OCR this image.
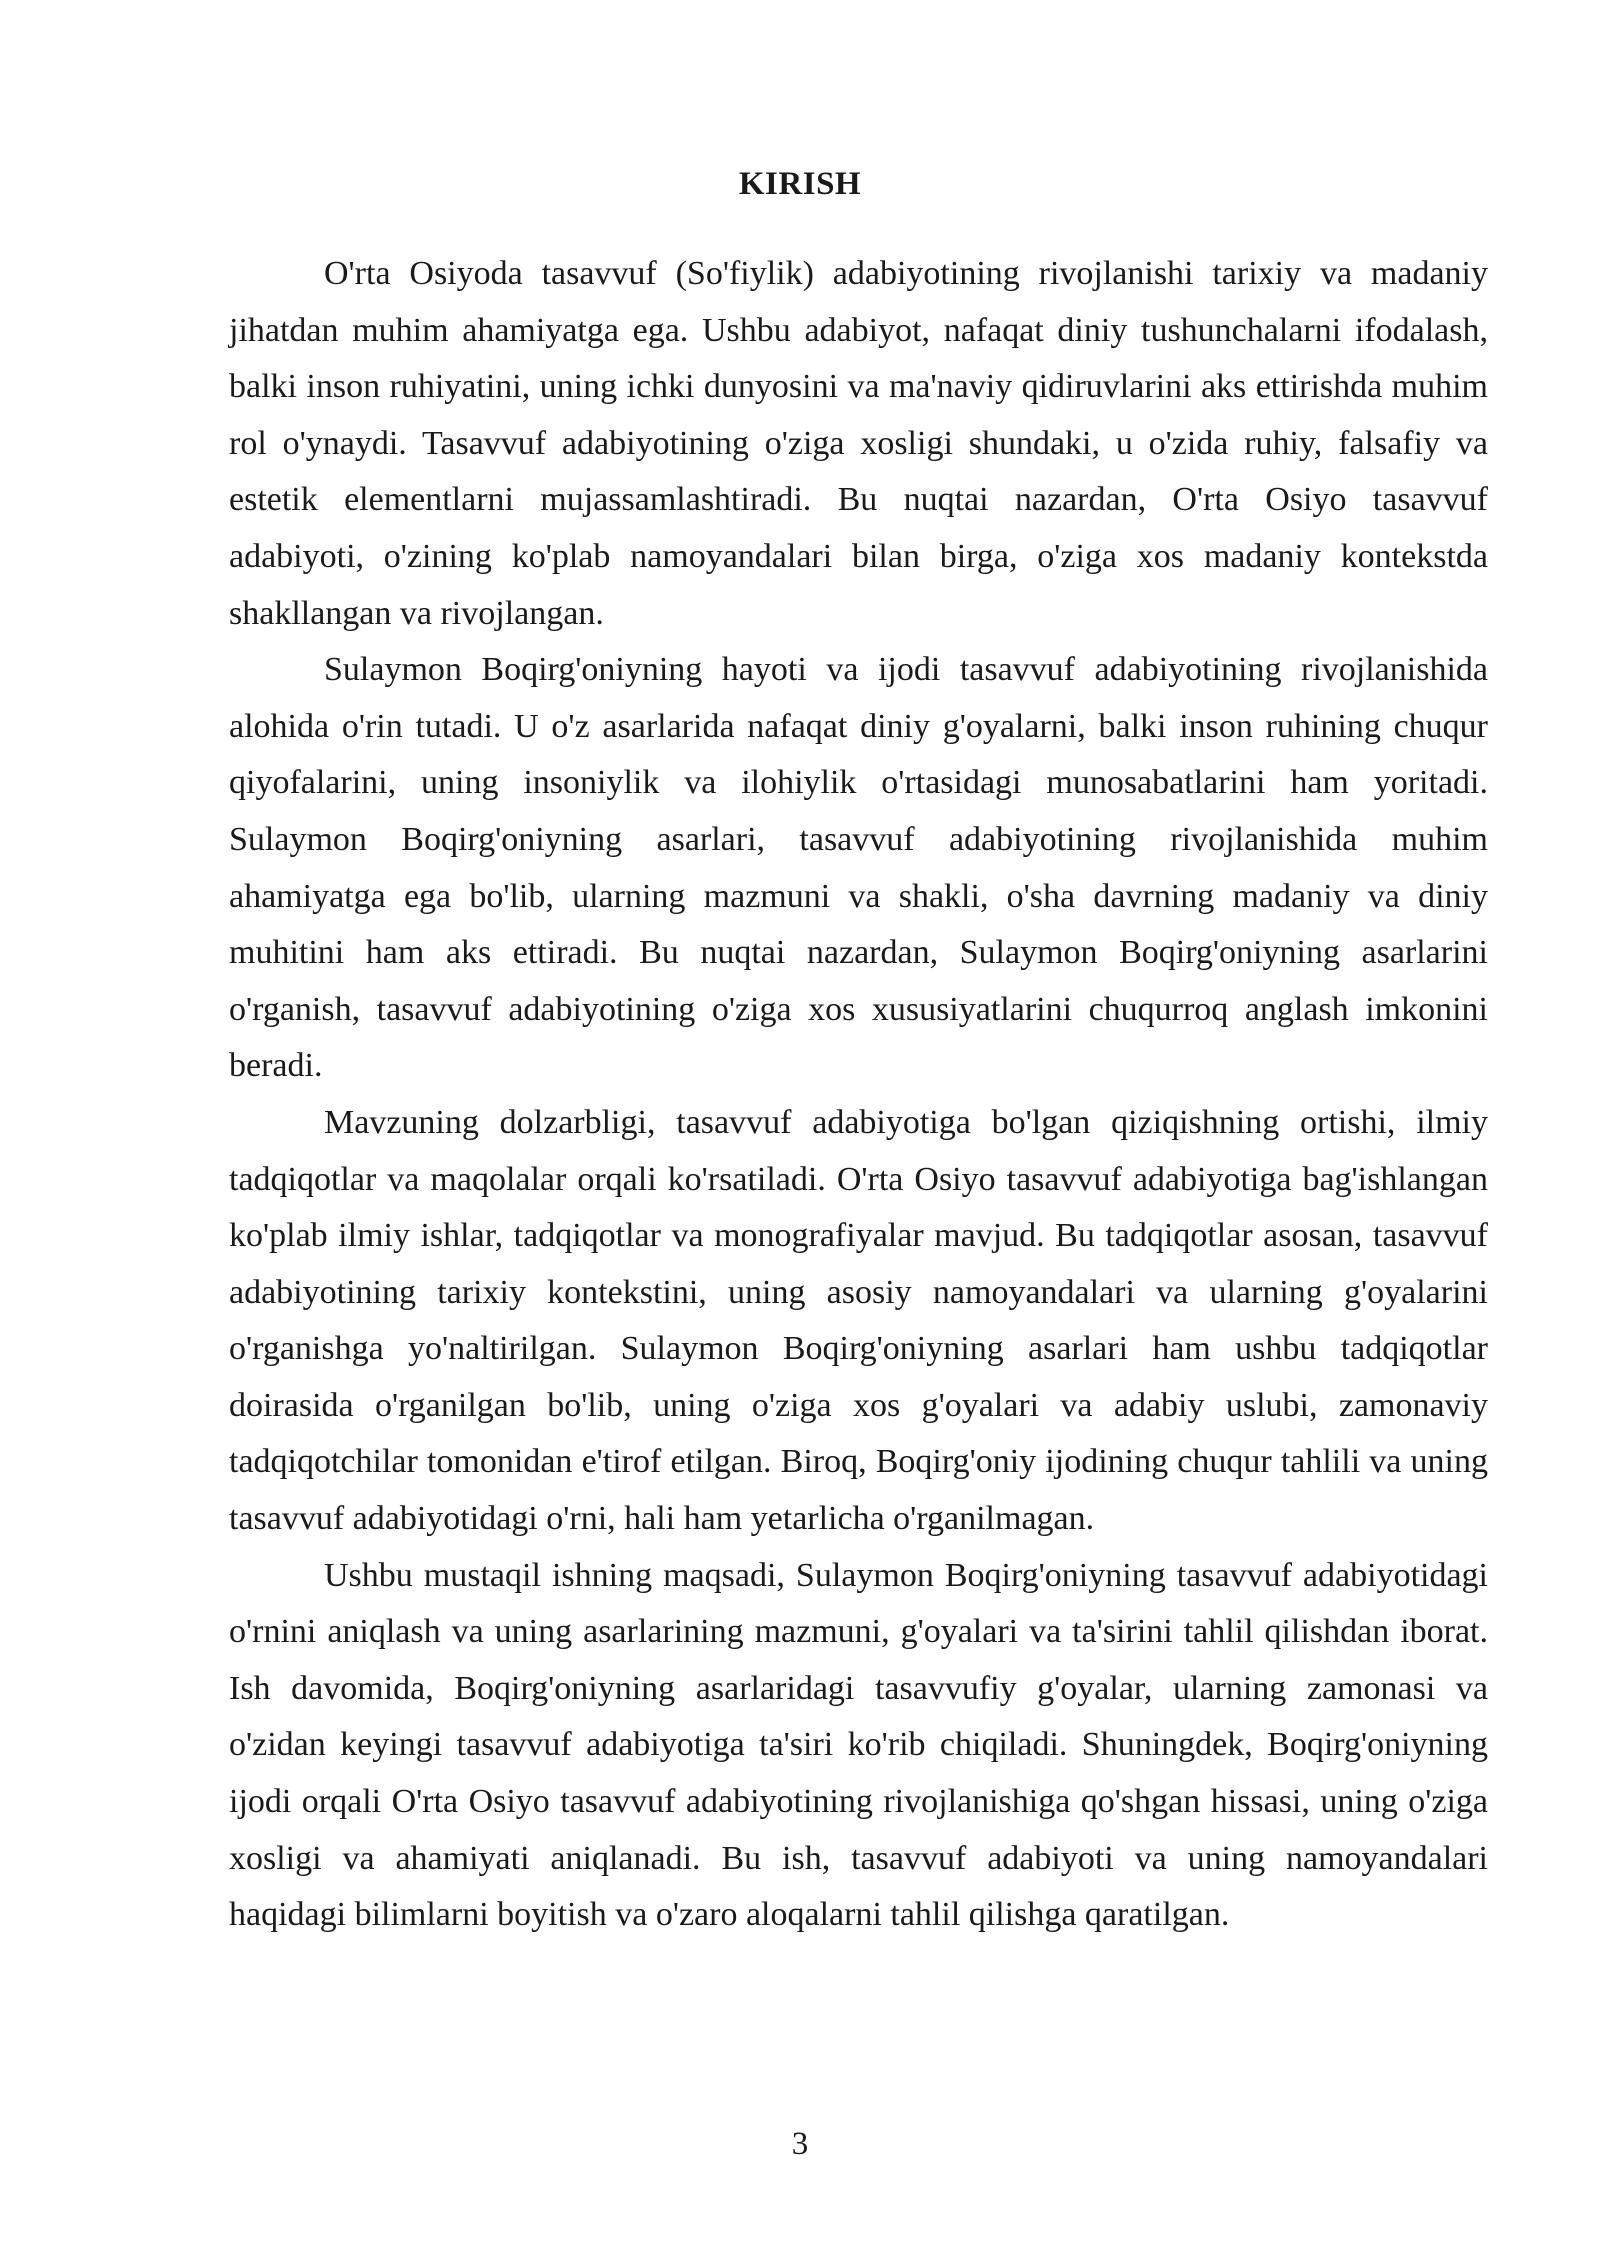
KIRISH

O'rta Osiyoda tasavvuf (So'fiylik) adabiyotining rivojlanishi tarixiy va madaniy jihatdan muhim ahamiyatga ega. Ushbu adabiyot, nafaqat diniy tushunchalarni ifodalash, balki inson ruhiyatini, uning ichki dunyosini va ma'naviy qidiruvlarini aks ettirishda muhim rol o'ynaydi. Tasavvuf adabiyotining o'ziga xosligi shundaki, u o'zida ruhiy, falsafiy va estetik elementlarni mujassamlashtiradi. Bu nuqtai nazardan, O'rta Osiyo tasavvuf adabiyoti, o'zining ko'plab namoyandalari bilan birga, o'ziga xos madaniy kontekstda shakllangan va rivojlangan.

Sulaymon Boqirg'oniyning hayoti va ijodi tasavvuf adabiyotining rivojlanishida alohida o'rin tutadi. U o'z asarlarida nafaqat diniy g'oyalarni, balki inson ruhining chuqur qiyofalarini, uning insoniylik va ilohiylik o'rtasidagi munosabatlarini ham yoritadi. Sulaymon Boqirg'oniyning asarlari, tasavvuf adabiyotining rivojlanishida muhim ahamiyatga ega bo'lib, ularning mazmuni va shakli, o'sha davrning madaniy va diniy muhitini ham aks ettiradi. Bu nuqtai nazardan, Sulaymon Boqirg'oniyning asarlarini o'rganish, tasavvuf adabiyotining o'ziga xos xususiyatlarini chuqurroq anglash imkonini beradi.

Mavzuning dolzarbligi, tasavvuf adabiyotiga bo'lgan qiziqishning ortishi, ilmiy tadqiqotlar va maqolalar orqali ko'rsatiladi. O'rta Osiyo tasavvuf adabiyotiga bag'ishlangan ko'plab ilmiy ishlar, tadqiqotlar va monografiyalar mavjud. Bu tadqiqotlar asosan, tasavvuf adabiyotining tarixiy kontekstini, uning asosiy namoyandalari va ularning g'oyalarini o'rganishga yo'naltirilgan. Sulaymon Boqirg'oniyning asarlari ham ushbu tadqiqotlar doirasida o'rganilgan bo'lib, uning o'ziga xos g'oyalari va adabiy uslubi, zamonaviy tadqiqotchilar tomonidan e'tirof etilgan. Biroq, Boqirg'oniy ijodining chuqur tahlili va uning tasavvuf adabiyotidagi o'rni, hali ham yetarlicha o'rganilmagan.

Ushbu mustaqil ishning maqsadi, Sulaymon Boqirg'oniyning tasavvuf adabiyotidagi o'rnini aniqlash va uning asarlarining mazmuni, g'oyalari va ta'sirini tahlil qilishdan iborat. Ish davomida, Boqirg'oniyning asarlaridagi tasavvufiy g'oyalar, ularning zamonasi va o'zidan keyingi tasavvuf adabiyotiga ta'siri ko'rib chiqiladi. Shuningdek, Boqirg'oniyning ijodi orqali O'rta Osiyo tasavvuf adabiyotining rivojlanishiga qo'shgan hissasi, uning o'ziga xosligi va ahamiyati aniqlanadi. Bu ish, tasavvuf adabiyoti va uning namoyandalari haqidagi bilimlarni boyitish va o'zaro aloqalarni tahlil qilishga qaratilgan.

3
